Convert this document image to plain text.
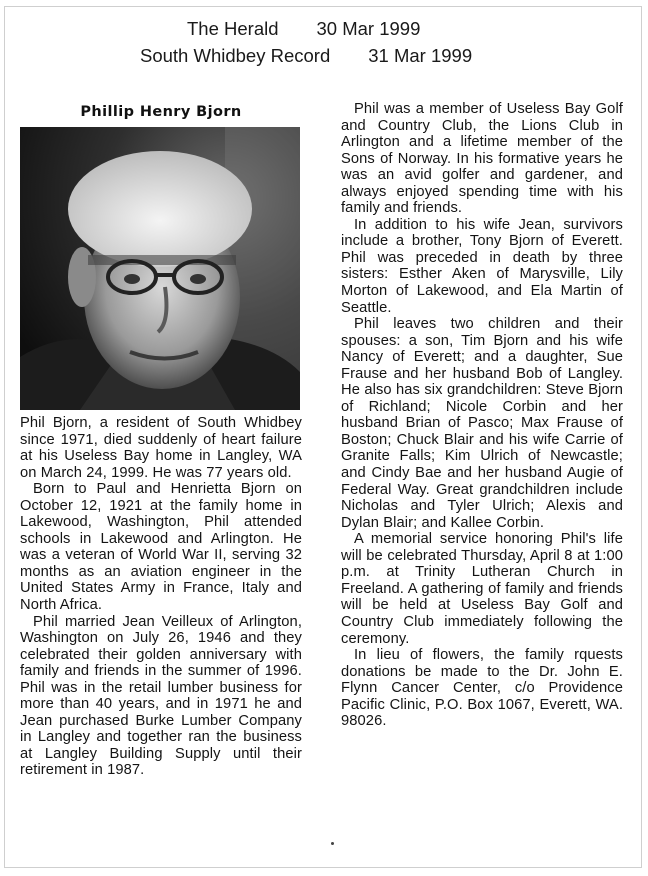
The Herald 30 Mar 1999
South Whidbey Record 31 Mar 1999
Phillip Henry Bjorn

Phil Bjorn, a resident of South Whidbey since 1971, died suddenly of heart failure at his Useless Bay home in Langley, WA on March 24, 1999. He was 77 years old.

Born to Paul and Henrietta Bjorn on October 12, 1921 at the family home in Lakewood, Washington, Phil attended schools in Lakewood and Arlington. He was a veteran of World War II, serving 32 months as an aviation engineer in the United States Army in France, Italy and North Africa.

Phil married Jean Veilleux of Arlington, Washington on July 26, 1946 and they celebrated their golden anniversary with family and friends in the summer of 1996. Phil was in the retail lumber business for more than 40 years, and in 1971 he and Jean purchased Burke Lumber Company in Langley and together ran the business at Langley Building Supply until their retirement in 1987.

Phil was a member of Useless Bay Golf and Country Club, the Lions Club in Arlington and a lifetime member of the Sons of Norway. In his formative years he was an avid golfer and gardener, and always enjoyed spending time with his family and friends.

In addition to his wife Jean, survivors include a brother, Tony Bjorn of Everett. Phil was preceded in death by three sisters: Esther Aken of Marysville, Lily Morton of Lakewood, and Ela Martin of Seattle.

Phil leaves two children and their spouses: a son, Tim Bjorn and his wife Nancy of Everett; and a daughter, Sue Frause and her husband Bob of Langley. He also has six grandchildren: Steve Bjorn of Richland; Nicole Corbin and her husband Brian of Pasco; Max Frause of Boston; Chuck Blair and his wife Carrie of Granite Falls; Kim Ulrich of Newcastle; and Cindy Bae and her husband Augie of Federal Way. Great grandchildren include Nicholas and Tyler Ulrich; Alexis and Dylan Blair; and Kallee Corbin.

A memorial service honoring Phil's life will be celebrated Thursday, April 8 at 1:00 p.m. at Trinity Lutheran Church in Freeland. A gathering of family and friends will be held at Useless Bay Golf and Country Club immediately following the ceremony.

In lieu of flowers, the family rquests donations be made to the Dr. John E. Flynn Cancer Center, c/o Providence Pacific Clinic, P.O. Box 1067, Everett, WA. 98026.
